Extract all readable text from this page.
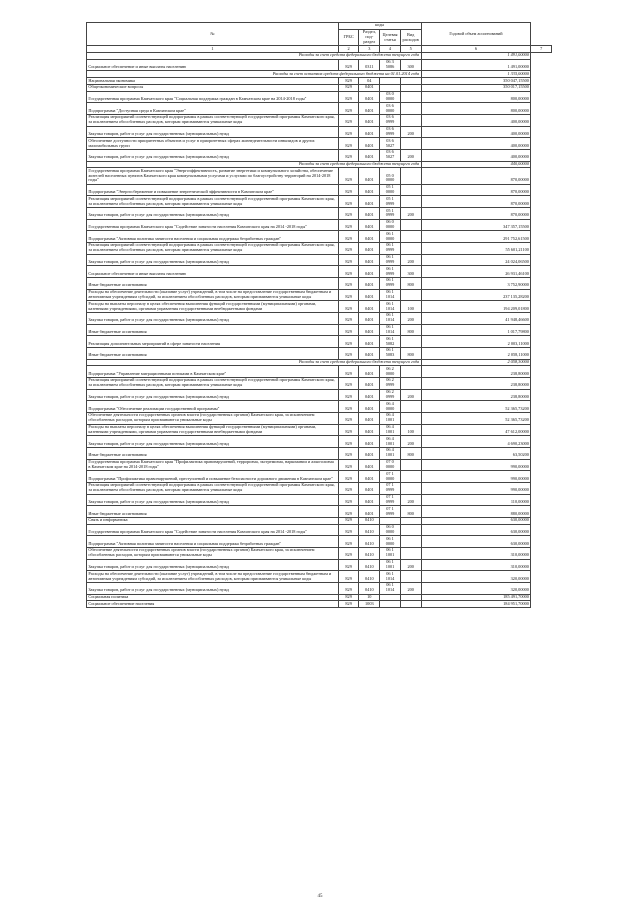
№	коды				Годовой объем ассигнований	
	ГРБС	Раздел, под-раздел	Целевая статья	Вид расходов		
1	2	3	4	5	6	7
Расходы за счет средств федерального бюджета текущего года					1 491,00000	
Социальное обеспечение и иные выплаты населению	829	0311	06 3 5086	300	1 491,00000	
Расходы за счет остатков средств федерального бюджета на 01.01.2014 года					1 335,00000	
Национальная экономика	829	04			350 047,15500	
Общеэкономические вопросы	829	0401			350 017,15500	
Государственная программа Камчатского края "Социальная поддержка граждан в Камчатском крае на 2014-2018 годы"	829	0401	03 0 0000		800,00000	
Подпрограмма "Доступная среда в Камчатском крае"	829	0401	03 6 0000		800,00000	
Реализация мероприятий соответствующей подпрограммы в рамках соответствующей государственной программы Камчатского края, за исключением обособленных расходов, которым присваиваются уникальные коды	829	0401	03 6 0999		400,00000	
Закупка товаров, работ и услуг для государственных (муниципальных) нужд	829	0401	03 6 0999	200	400,00000	
Обеспечение доступности приоритетных объектов и услуг в приоритетных сферах жизнедеятельности инвалидов и других маломобильных групп	829	0401	03 6 5027		400,00000	
Закупка товаров, работ и услуг для государственных (муниципальных) нужд	829	0401	03 6 5027	200	400,00000	
Расходы за счет средств федерального бюджета текущего года					440,00000	
Государственная программа Камчатского края "Энергоэффективность, развитие энергетики и коммунального хозяйства, обеспечение жителей населенных пунктов Камчатского края коммунальными услугами и услугами по благоустройству территорий на 2014-2018 годы"	829	0401	05 0 0000		870,00000	
Подпрограмма "Энергосбережение и повышение энергетической эффективности в Камчатском крае"	829	0401	05 1 0000		870,00000	
Реализация мероприятий соответствующей подпрограммы в рамках соответствующей государственной программы Камчатского края, за исключением обособленных расходов, которым присваиваются уникальные коды	829	0401	05 1 0999		870,00000	
Закупка товаров, работ и услуг для государственных (муниципальных) нужд	829	0401	05 1 0999	200	870,00000	
Государственная программа Камчатского края "Содействие занятости населения Камчатского края на 2014 -2018 годы"	829	0401	06 0 0000		347 357,15500	
Подпрограмма "Активная политика занятости населения и социальная поддержка безработных граждан"	829	0401	06 1 0000		291 752,61500	
Реализация мероприятий соответствующей подпрограммы в рамках соответствующей государственной программы Камчатского края, за исключением обособленных расходов, которым присваиваются уникальные коды	829	0401	06 1 0999		55 601,21100	
Закупка товаров, работ и услуг для государственных (муниципальных) нужд	829	0401	06 1 0999	200	24 024,06500	
Социальное обеспечение и иные выплаты населению	829	0401	06 1 0999	300	26 931,46100	
Иные бюджетные ассигнования	829	0401	06 1 0999	800	3 752,90000	
Расходы на обеспечение деятельности (оказание услуг) учреждений, в том числе на предоставление государственным бюджетным и автономным учреждениям субсидий, за исключением обособленных расходов, которым присваиваются уникальные коды	829	0401	06 1 1014		237 135,28200	
Расходы на выплаты персоналу в целях обеспечения выполнения функций государственными (муниципальными) органами, казенными учреждениями, органами управления государственными внебюджетными фондами	829	0401	06 1 1014	100	194 209,01800	
Закупка товаров, работ и услуг для государственных (муниципальных) нужд	829	0401	06 1 1014	200	41 948,46600	
Иные бюджетные ассигнования	829	0401	06 1 1014	800	1 017,79800	
Реализация дополнительных мероприятий в сфере занятости населения	829	0401	06 1 5082		2 003,11000	
Иные бюджетные ассигнования	829	0401	06 1 5083	800	2 058,11000	
Расходы за счет средств федерального бюджета текущего года					2 058,30000	
Подпрограмма "Управление миграционными потоками в Камчатском крае"	829	0401	06 2 0000		238,80000	
Реализация мероприятий соответствующей подпрограммы в рамках соответствующей государственной программы Камчатского края, за исключением обособленных расходов, которым присваиваются уникальные коды	829	0401	06 2 0999		238,80000	
Закупка товаров, работ и услуг для государственных (муниципальных) нужд	829	0401	06 2 0999	200	238,80000	
Подпрограмма "Обеспечение реализации государственной программы"	829	0401	06 4 0000		52 365,73200	
Обеспечение деятельности государственных органов власти (государственных органов) Камчатского края, за исключением обособленных расходов, которым присваиваются уникальные коды	829	0401	06 4 1001		52 365,73200	
Расходы на выплаты персоналу в целях обеспечения выполнения функций государственными (муниципальными) органами, казенными учреждениями, органами управления государственными внебюджетными фондами	829	0401	06 4 1001	100	47 612,00000	
Закупка товаров, работ и услуг для государственных (муниципальных) нужд	829	0401	06 4 1001	200	4 690,23000	
Иные бюджетные ассигнования	829	0401	06 4 1001	800	63,50200	
Государственная программа Камчатского края "Профилактика правонарушений, терроризма, экстремизма, наркомании и алкоголизма в Камчатском крае на 2014-2018 годы"	829	0401	07 0 0000		990,00000	
Подпрограмма "Профилактика правонарушений, преступлений и повышение безопасности дорожного движения в Камчатском крае"	829	0401	07 1 0000		990,00000	
Реализация мероприятий соответствующей подпрограммы в рамках соответствующей государственной программы Камчатского края, за исключением обособленных расходов, которым присваиваются уникальные коды	829	0401	07 1 0999		990,00000	
Закупка товаров, работ и услуг для государственных (муниципальных) нужд	829	0401	07 1 0999	200	110,00000	
Иные бюджетные ассигнования	829	0401	07 1 0999	800	880,00000	
Связь и информатика	829	0410			630,00000	
Государственная программа Камчатского края "Содействие занятости населения Камчатского края на 2014 -2018 годы"	829	0410	06 0 0000		630,00000	
Подпрограмма "Активная политика занятости населения и социальная поддержка безработных граждан"	829	0410	06 1 0000		630,00000	
Обеспечение деятельности государственных органов власти (государственных органов) Камчатского края, за исключением обособленных расходов, которым присваиваются уникальные коды	829	0410	06 1 1001		310,00000	
Закупка товаров, работ и услуг для государственных (муниципальных) нужд	829	0410	06 1 1001	200	310,00000	
Расходы на обеспечение деятельности (оказание услуг) учреждений, в том числе на предоставление государственным бюджетным и автономным учреждениям субсидий, за исключением обособленных расходов, которым присваиваются уникальные коды	829	0410	06 1 1014		320,00000	
Закупка товаров, работ и услуг для государственных (муниципальных) нужд	829	0410	06 1 1014	200	320,00000	
Социальная политика	829	10			185 491,70000	
Социальное обеспечение населения	829	1003			184 951,70000	
45
